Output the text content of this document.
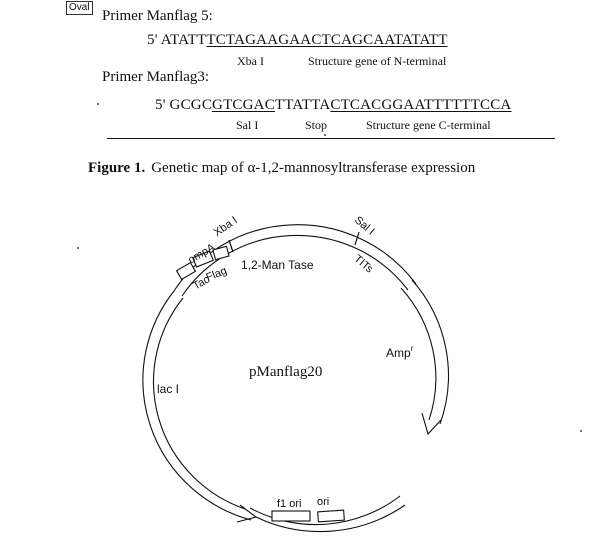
Oval
Primer Manflag 5:
5' ATATTTCTAGAAGAACTCAGCAATATATT
Xba I	Structure gene of N-terminal
Primer Manflag3:
5' GCGCGTCGACTTATTACTCACGGAATTTTTTCCA
Sal I	Stop	Structure gene C-terminal
Figure 1. Genetic map of α-1,2-mannosyltransferase expression
Xba I	Sal I
ompA
Tac
Flag 1,2-Man Tase	TITs
Amp$^r$
lac I
f1 ori ori
pManflag20
